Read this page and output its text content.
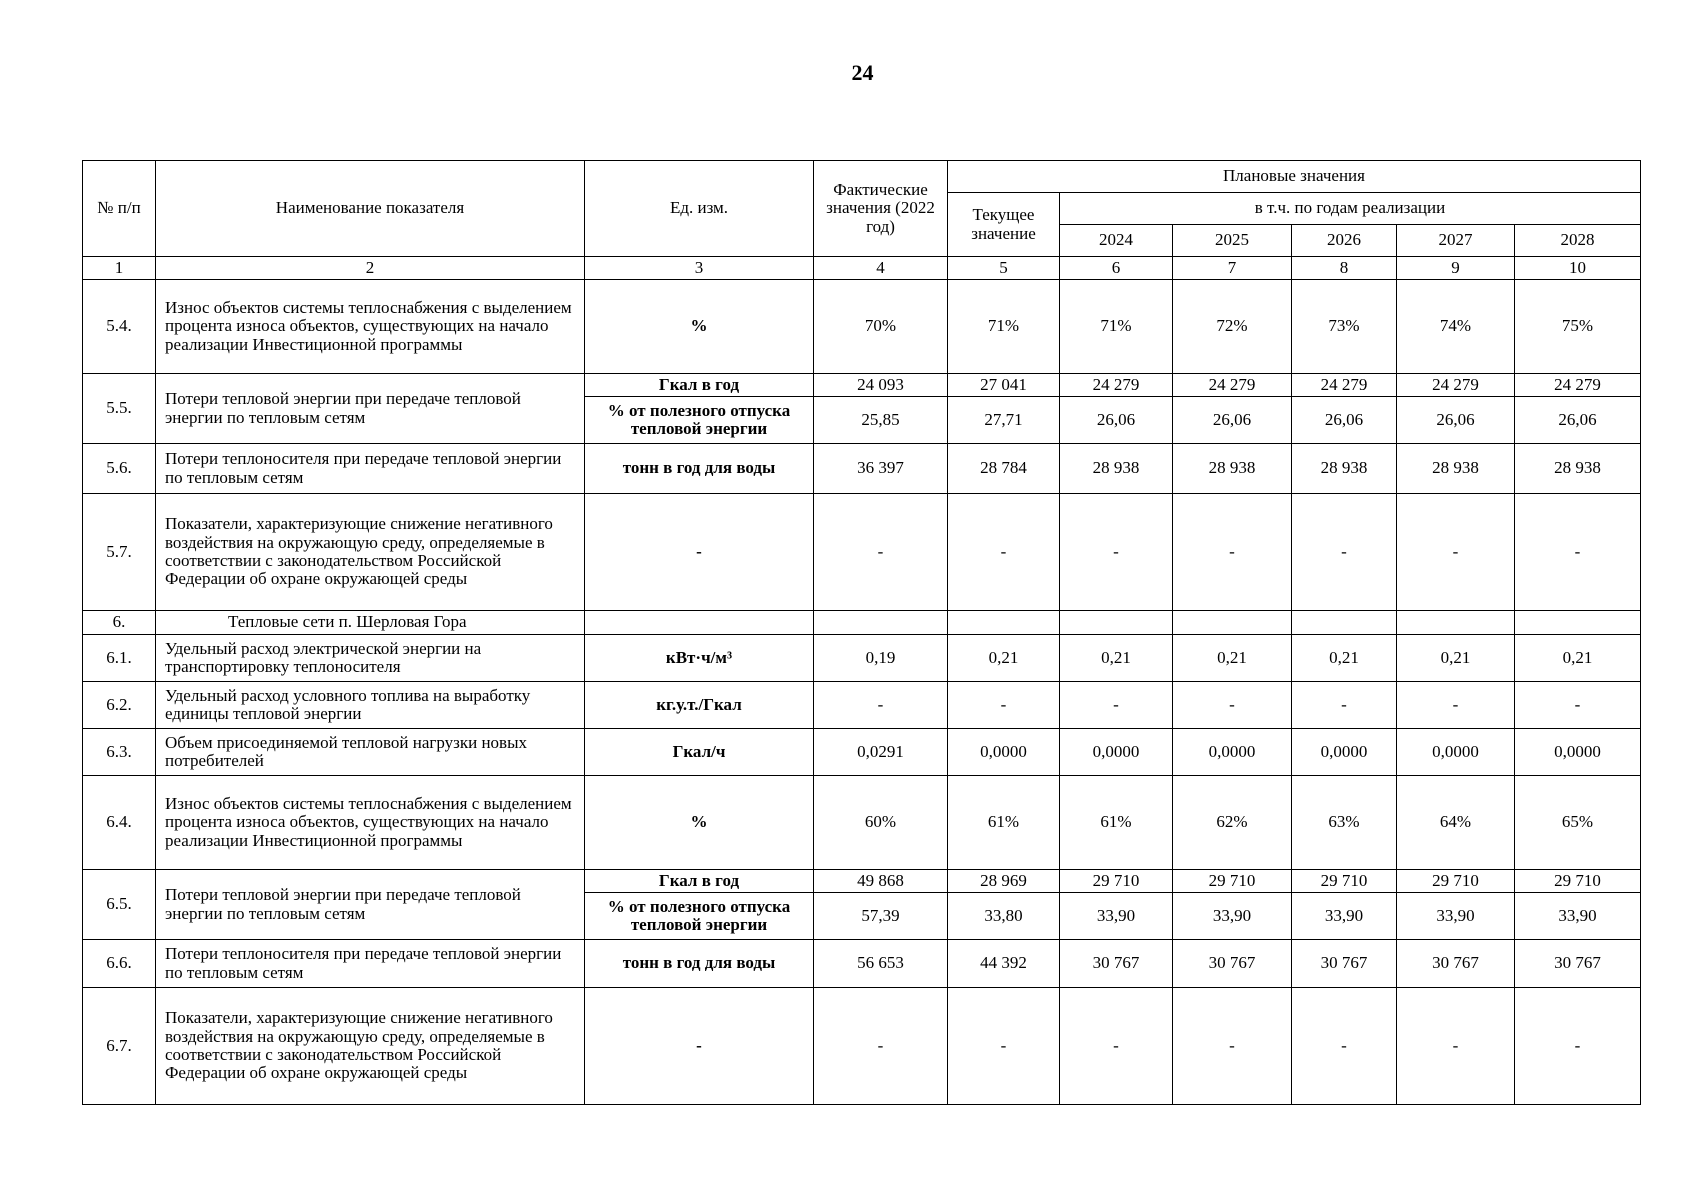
24
№ п/п	Наименование показателя	Ед. изм.	Фактические значения (2022 год)	Плановые значения					
				Текущее значение	в т.ч. по годам реализации				
					2024	2025	2026	2027	2028
1	2	3	4	5	6	7	8	9	10
5.4.	Износ объектов системы теплоснабжения с выделением процента износа объектов, существующих на начало реализации Инвестиционной программы	%	70%	71%	71%	72%	73%	74%	75%
5.5.	Потери тепловой энергии при передаче тепловой энергии по тепловым сетям	Гкал в год	24 093	27 041	24 279	24 279	24 279	24 279	24 279
		% от полезного отпуска тепловой энергии	25,85	27,71	26,06	26,06	26,06	26,06	26,06
5.6.	Потери теплоносителя при передаче тепловой энергии по тепловым сетям	тонн в год для воды	36 397	28 784	28 938	28 938	28 938	28 938	28 938
5.7.	Показатели, характеризующие снижение негативного воздействия на окружающую среду, определяемые в соответствии с законодательством Российской Федерации об охране окружающей среды	-	-	-	-	-	-	-	-
6.	Тепловые сети п. Шерловая Гора								
6.1.	Удельный расход электрической энергии на транспортировку теплоносителя	кВт·ч/м³	0,19	0,21	0,21	0,21	0,21	0,21	0,21
6.2.	Удельный расход условного топлива на выработку единицы тепловой энергии	кг.у.т./Гкал	-	-	-	-	-	-	-
6.3.	Объем присоединяемой тепловой нагрузки новых потребителей	Гкал/ч	0,0291	0,0000	0,0000	0,0000	0,0000	0,0000	0,0000
6.4.	Износ объектов системы теплоснабжения с выделением процента износа объектов, существующих на начало реализации Инвестиционной программы	%	60%	61%	61%	62%	63%	64%	65%
6.5.	Потери тепловой энергии при передаче тепловой энергии по тепловым сетям	Гкал в год	49 868	28 969	29 710	29 710	29 710	29 710	29 710
		% от полезного отпуска тепловой энергии	57,39	33,80	33,90	33,90	33,90	33,90	33,90
6.6.	Потери теплоносителя при передаче тепловой энергии по тепловым сетям	тонн в год для воды	56 653	44 392	30 767	30 767	30 767	30 767	30 767
6.7.	Показатели, характеризующие снижение негативного воздействия на окружающую среду, определяемые в соответствии с законодательством Российской Федерации об охране окружающей среды	-	-	-	-	-	-	-	-
